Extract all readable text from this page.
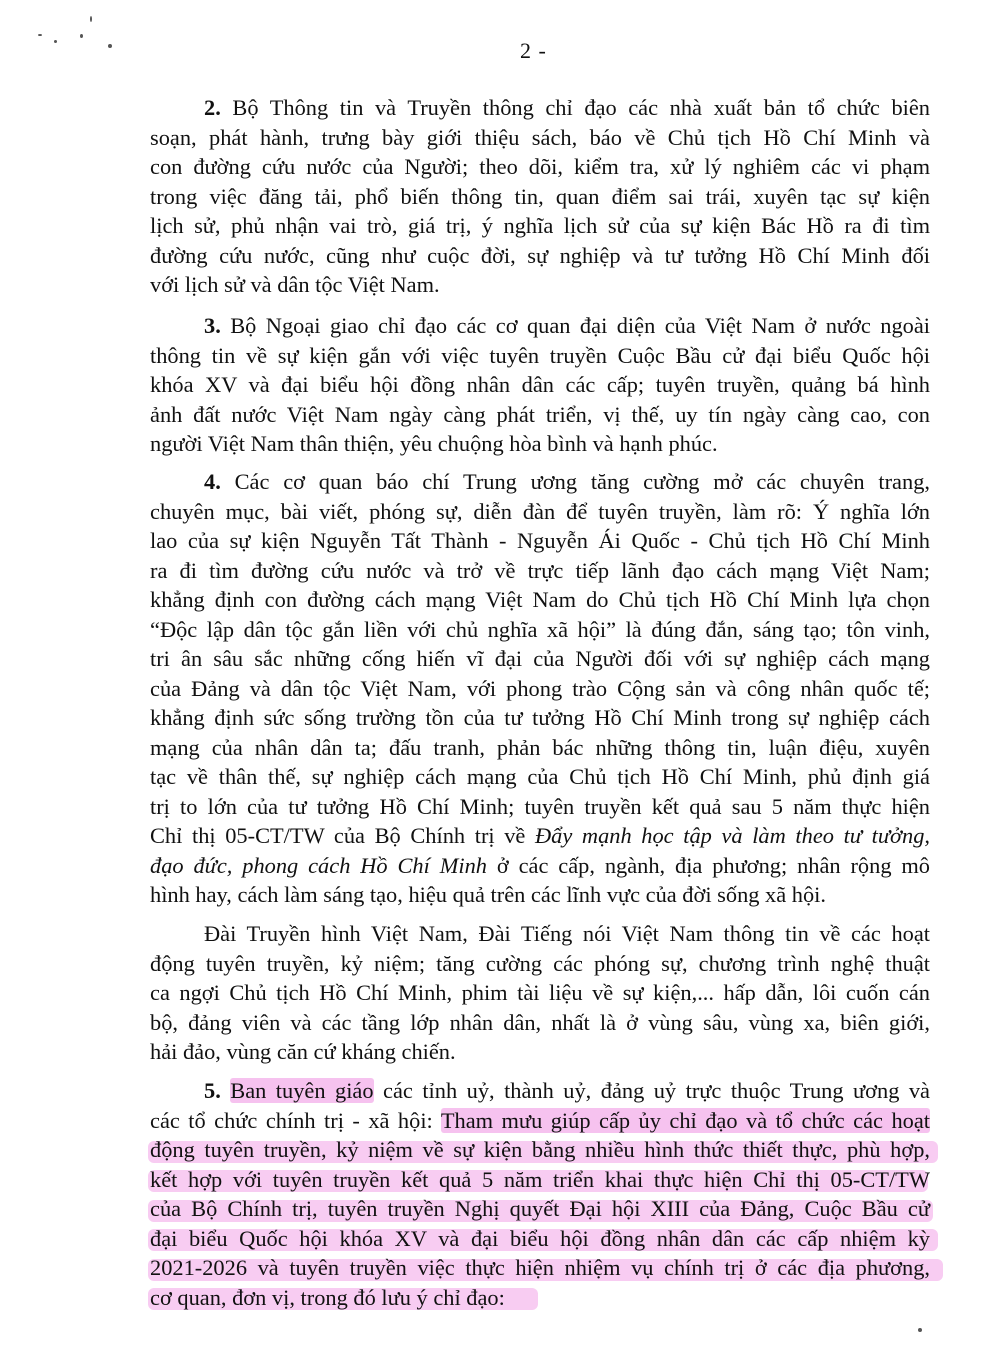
2 -
2. Bộ Thông tin và Truyền thông chỉ đạo các nhà xuất bản tổ chức biên
soạn, phát hành, trưng bày giới thiệu sách, báo về Chủ tịch Hồ Chí Minh và
con đường cứu nước của Người; theo dõi, kiểm tra, xử lý nghiêm các vi phạm
trong việc đăng tải, phổ biến thông tin, quan điểm sai trái, xuyên tạc sự kiện
lịch sử, phủ nhận vai trò, giá trị, ý nghĩa lịch sử của sự kiện Bác Hồ ra đi tìm
đường cứu nước, cũng như cuộc đời, sự nghiệp và tư tưởng Hồ Chí Minh đối
với lịch sử và dân tộc Việt Nam.
3. Bộ Ngoại giao chỉ đạo các cơ quan đại diện của Việt Nam ở nước ngoài
thông tin về sự kiện gắn với việc tuyên truyền Cuộc Bầu cử đại biểu Quốc hội
khóa XV và đại biểu hội đồng nhân dân các cấp; tuyên truyền, quảng bá hình
ảnh đất nước Việt Nam ngày càng phát triển, vị thế, uy tín ngày càng cao, con
người Việt Nam thân thiện, yêu chuộng hòa bình và hạnh phúc.
4. Các cơ quan báo chí Trung ương tăng cường mở các chuyên trang,
chuyên mục, bài viết, phóng sự, diễn đàn để tuyên truyền, làm rõ: Ý nghĩa lớn
lao của sự kiện Nguyễn Tất Thành - Nguyễn Ái Quốc - Chủ tịch Hồ Chí Minh
ra đi tìm đường cứu nước và trở về trực tiếp lãnh đạo cách mạng Việt Nam;
khẳng định con đường cách mạng Việt Nam do Chủ tịch Hồ Chí Minh lựa chọn
“Độc lập dân tộc gắn liền với chủ nghĩa xã hội” là đúng đắn, sáng tạo; tôn vinh,
tri ân sâu sắc những cống hiến vĩ đại của Người đối với sự nghiệp cách mạng
của Đảng và dân tộc Việt Nam, với phong trào Cộng sản và công nhân quốc tế;
khẳng định sức sống trường tồn của tư tưởng Hồ Chí Minh trong sự nghiệp cách
mạng của nhân dân ta; đấu tranh, phản bác những thông tin, luận điệu, xuyên
tạc về thân thế, sự nghiệp cách mạng của Chủ tịch Hồ Chí Minh, phủ định giá
trị to lớn của tư tưởng Hồ Chí Minh; tuyên truyền kết quả sau 5 năm thực hiện
Chỉ thị 05-CT/TW của Bộ Chính trị về Đẩy mạnh học tập và làm theo tư tưởng,
đạo đức, phong cách Hồ Chí Minh ở các cấp, ngành, địa phương; nhân rộng mô
hình hay, cách làm sáng tạo, hiệu quả trên các lĩnh vực của đời sống xã hội.
Đài Truyền hình Việt Nam, Đài Tiếng nói Việt Nam thông tin về các hoạt
động tuyên truyền, kỷ niệm; tăng cường các phóng sự, chương trình nghệ thuật
ca ngợi Chủ tịch Hồ Chí Minh, phim tài liệu về sự kiện,... hấp dẫn, lôi cuốn cán
bộ, đảng viên và các tầng lớp nhân dân, nhất là ở vùng sâu, vùng xa, biên giới,
hải đảo, vùng căn cứ kháng chiến.
5. Ban tuyên giáo các tỉnh uỷ, thành uỷ, đảng uỷ trực thuộc Trung ương và
các tổ chức chính trị - xã hội: Tham mưu giúp cấp ủy chỉ đạo và tổ chức các hoạt
động tuyên truyền, kỷ niệm về sự kiện bằng nhiều hình thức thiết thực, phù hợp,
kết hợp với tuyên truyền kết quả 5 năm triển khai thực hiện Chỉ thị 05-CT/TW
của Bộ Chính trị, tuyên truyền Nghị quyết Đại hội XIII của Đảng, Cuộc Bầu cử
đại biểu Quốc hội khóa XV và đại biểu hội đồng nhân dân các cấp nhiệm kỳ
2021-2026 và tuyên truyền việc thực hiện nhiệm vụ chính trị ở các địa phương,
cơ quan, đơn vị, trong đó lưu ý chỉ đạo:
